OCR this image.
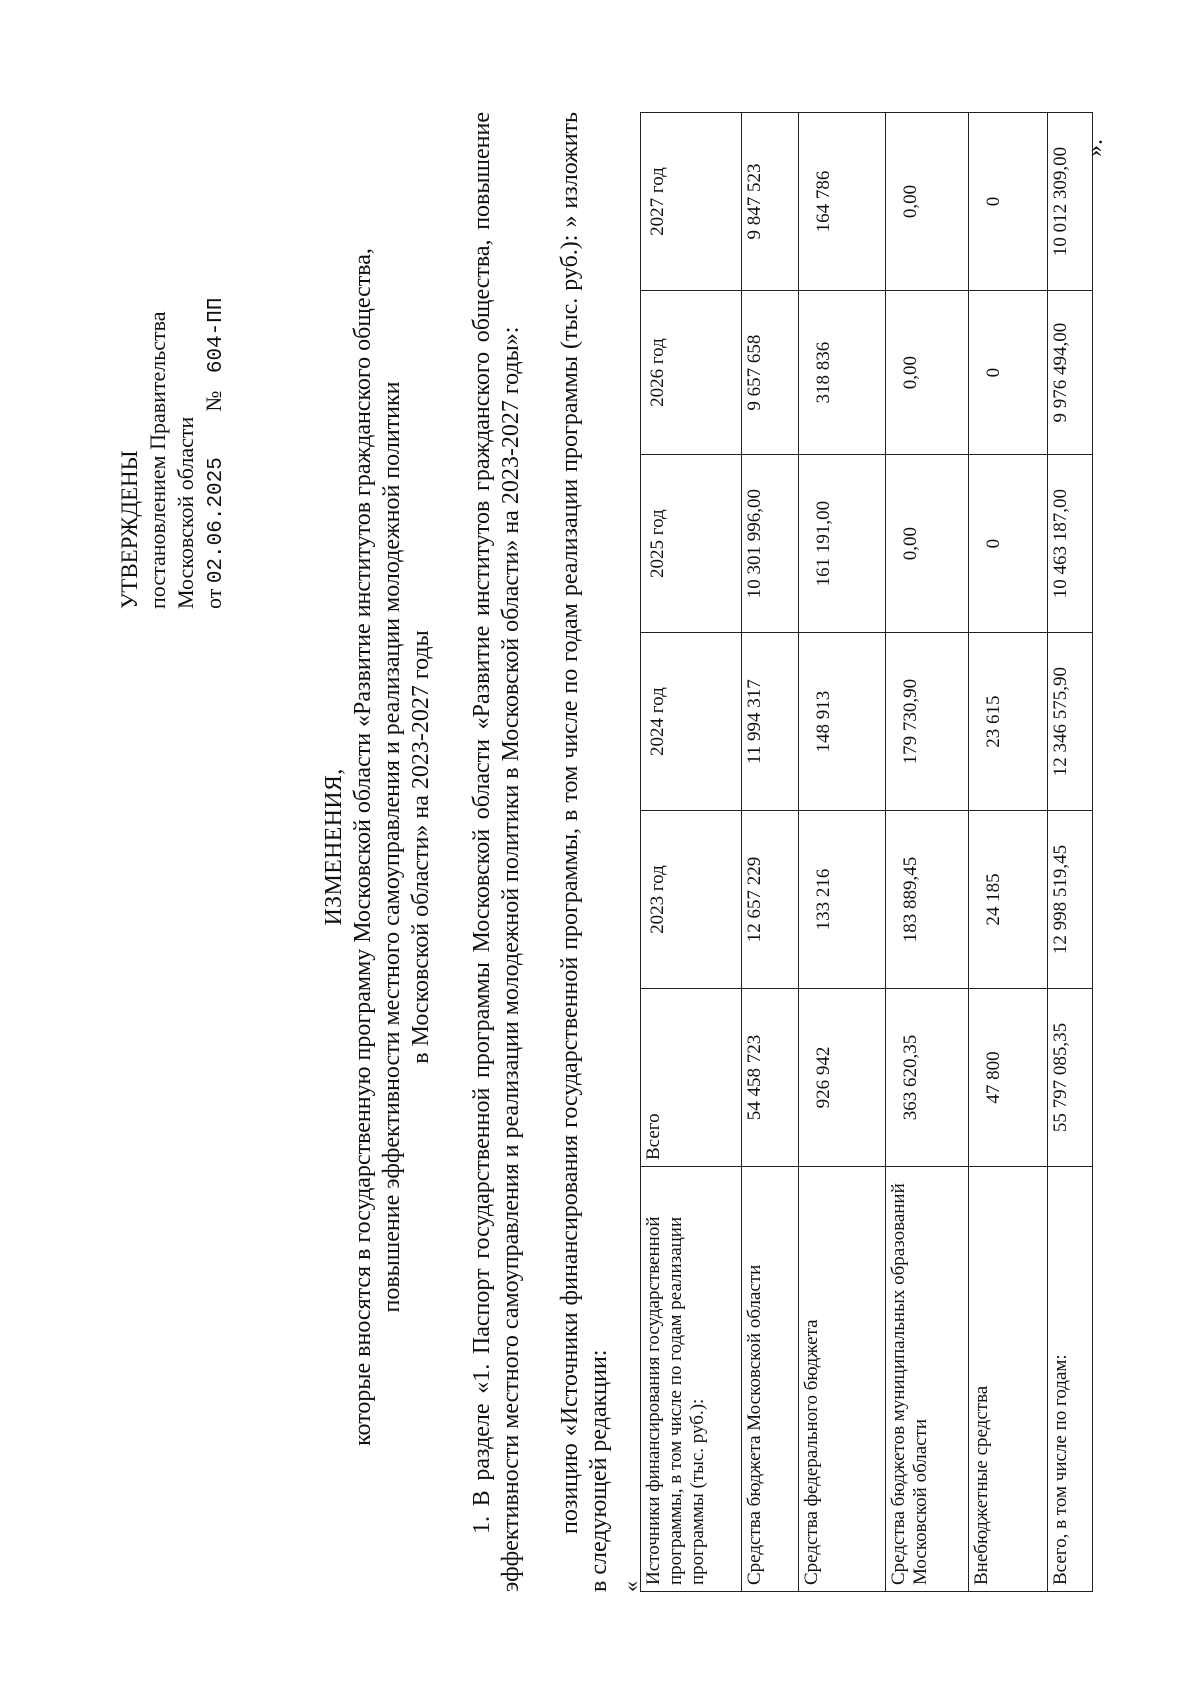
УТВЕРЖДЕНЫ постановлением Правительства Московской области от 02.06.2025 № 604-ПП
ИЗМЕНЕНИЯ, которые вносятся в государственную программу Московской области «Развитие институтов гражданского общества, повышение эффективности местного самоуправления и реализации молодежной политики в Московской области» на 2023-2027 годы 1. В разделе «1. Паспорт государственной программы Московской области «Развитие институтов гражданского общества, повышение эффективности местного самоуправления и реализации молодежной политики в Московской области» на 2023-2027 годы»: позицию «Источники финансирования государственной программы, в том числе по годам реализации программы (тыс. руб.): » изложить в следующей редакции: «
Источники финансирования государственной программы, в том числе по годам реализации программы (тыс. руб.):	Всего	2023 год	2024 год	2025 год	2026 год	2027 год
Средства бюджета Московской области	54 458 723	12 657 229	11 994 317	10 301 996,00	9 657 658	9 847 523
Средства федерального бюджета	926 942	133 216	148 913	161 191,00	318 836	164 786
Средства бюджетов муниципальных образований Московской области	363 620,35	183 889,45	179 730,90	0,00	0,00	0,00
Внебюджетные средства	47 800	24 185	23 615	0	0	0
Всего, в том числе по годам:	55 797 085,35	12 998 519,45	12 346 575,90	10 463 187,00	9 976 494,00	10 012 309,00 ».
